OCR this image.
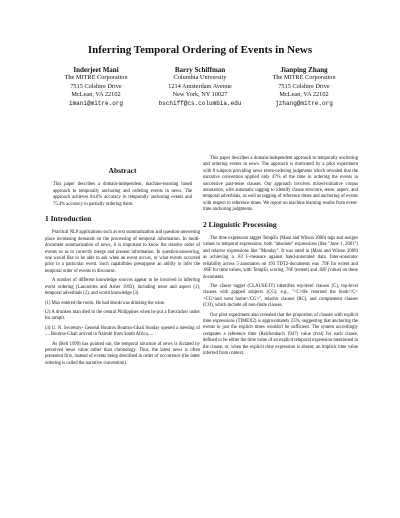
Inferring Temporal Ordering of Events in News
Inderjeet Mani
The MITRE Corporation
7515 Colshire Drive
McLean, VA 22102
imani@mitre.org
Barry Schiffman
Columbia University
1214 Amsterdam Avenue
New York, NY 10027
bschiff@cs.columbia.edu
Jianping Zhang
The MITRE Corporation
7515 Colshire Drive
McLean, VA 22102
jzhang@mitre.org
Abstract

This paper describes a domain-independent, machine-learning based approach to temporally anchoring and ordering events in news. The approach achieves 84.6% accuracy in temporally anchoring events and 75.4% accuracy in partially ordering them.

1 Introduction

Practical NLP applications such as text summarization and question-answering place increasing demands on the processing of temporal information. In multi-document summarization of news, it is important to know the relative order of events so as to correctly merge and present information. In question-answering, one would like to be able to ask when an event occurs, or what events occurred prior to a particular event. Such capabilities presuppose an ability to infer the temporal order of events in discourse.

A number of different knowledge sources appear to be involved in inferring event ordering (Lascarides and Asher 1993), including tense and aspect (1), temporal adverbials (2), and world knowledge (3).

(1) Max entered the room. He had drunk/was drinking the wine.

(2) A drunken man died in the central Philippines when he put a firecracker under his armpit.

(3) U. N. Secretary- General Boutros Boutros-Ghali Sunday opened a meeting of .... Boutros-Ghali arrived in Nairobi from South Africa, ...

As (Bell 1999) has pointed out, the temporal structure of news is dictated by perceived news value rather than chronology. Thus, the latest news is often presented first, instead of events being described in order of occurrence (the latter ordering is called the narrative convention).

This paper describes a domain-independent approach to temporally anchoring and ordering events in news. The approach is motivated by a pilot experiment with 8 subjects providing news event-ordering judgments which revealed that the narrative convention applied only 47% of the time in ordering the events in successive past-tense clauses. Our approach involves mixed-initiative corpus annotation, with automatic tagging to identify clause structure, tense, aspect, and temporal adverbials, as well as tagging of reference times and anchoring of events with respect to reference times. We report on machine learning results from event-time anchoring judgments.

2 Linguistic Processing

The time expression tagger TempEx (Mani and Wilson 2000) tags and assigns values to temporal expressions, both "absolute" expressions (like "June 1, 2001") and relative expressions like "Monday". It was rated in (Mani and Wilson 2000) as achieving a .83 F-measure against hand-annotated data. Inter-annotator reliability across 5 annotators on 193 TDT2-documents was .79F for extent and .86F for time values, with TempEx scoring .76F (extent) and .82F (value) on these documents.

The clause tagger (CLAUSE-IT) identifies top-level clauses (C), top-level clauses with gapped subjects (CG), e.g., "<C>He returned the book</C> <CG>and went home</CG>", relative clauses (RC), and complement clauses (CO), which include all non-finite clauses.

Our pilot experiment also revealed that the proportion of clauses with explicit time expressions (TIMEX2) is approximately 25%, suggesting that anchoring the events to just the explicit times wouldn't be sufficient. The system accordingly computes a reference time (Reichenbach 1947) value (tval) for each clause, defined to be either the time value of an explicit temporal expression mentioned in the clause, or, when the explicit time expression is absent, an implicit time value inferred from context.
